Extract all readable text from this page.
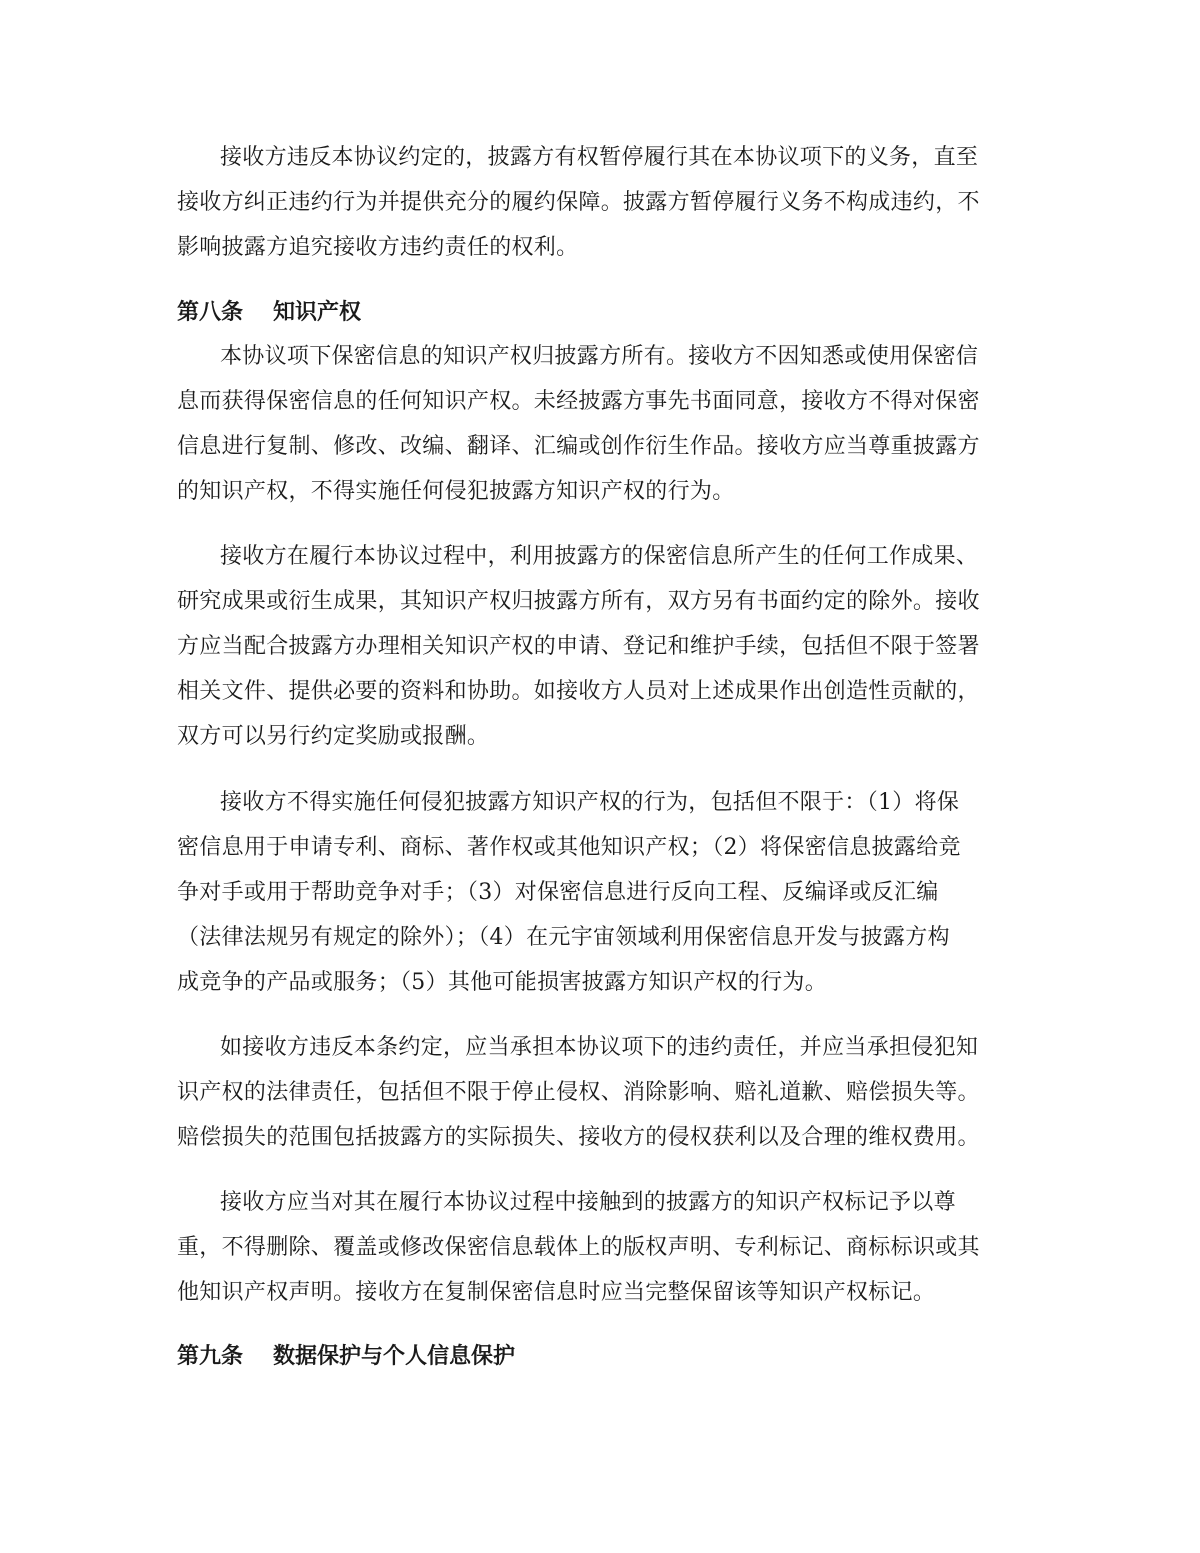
接收方违反本协议约定的，披露方有权暂停履行其在本协议项下的义务，直至
接收方纠正违约行为并提供充分的履约保障。披露方暂停履行义务不构成违约，不
影响披露方追究接收方违约责任的权利。
第八条 知识产权
本协议项下保密信息的知识产权归披露方所有。接收方不因知悉或使用保密信
息而获得保密信息的任何知识产权。未经披露方事先书面同意，接收方不得对保密
信息进行复制、修改、改编、翻译、汇编或创作衍生作品。接收方应当尊重披露方
的知识产权，不得实施任何侵犯披露方知识产权的行为。
接收方在履行本协议过程中，利用披露方的保密信息所产生的任何工作成果、
研究成果或衍生成果，其知识产权归披露方所有，双方另有书面约定的除外。接收
方应当配合披露方办理相关知识产权的申请、登记和维护手续，包括但不限于签署
相关文件、提供必要的资料和协助。如接收方人员对上述成果作出创造性贡献的，
双方可以另行约定奖励或报酬。
接收方不得实施任何侵犯披露方知识产权的行为，包括但不限于：（1）将保
密信息用于申请专利、商标、著作权或其他知识产权；（2）将保密信息披露给竞
争对手或用于帮助竞争对手；（3）对保密信息进行反向工程、反编译或反汇编
（法律法规另有规定的除外）；（4）在元宇宙领域利用保密信息开发与披露方构
成竞争的产品或服务；（5）其他可能损害披露方知识产权的行为。
如接收方违反本条约定，应当承担本协议项下的违约责任，并应当承担侵犯知
识产权的法律责任，包括但不限于停止侵权、消除影响、赔礼道歉、赔偿损失等。
赔偿损失的范围包括披露方的实际损失、接收方的侵权获利以及合理的维权费用。
接收方应当对其在履行本协议过程中接触到的披露方的知识产权标记予以尊
重，不得删除、覆盖或修改保密信息载体上的版权声明、专利标记、商标标识或其
他知识产权声明。接收方在复制保密信息时应当完整保留该等知识产权标记。
第九条 数据保护与个人信息保护
